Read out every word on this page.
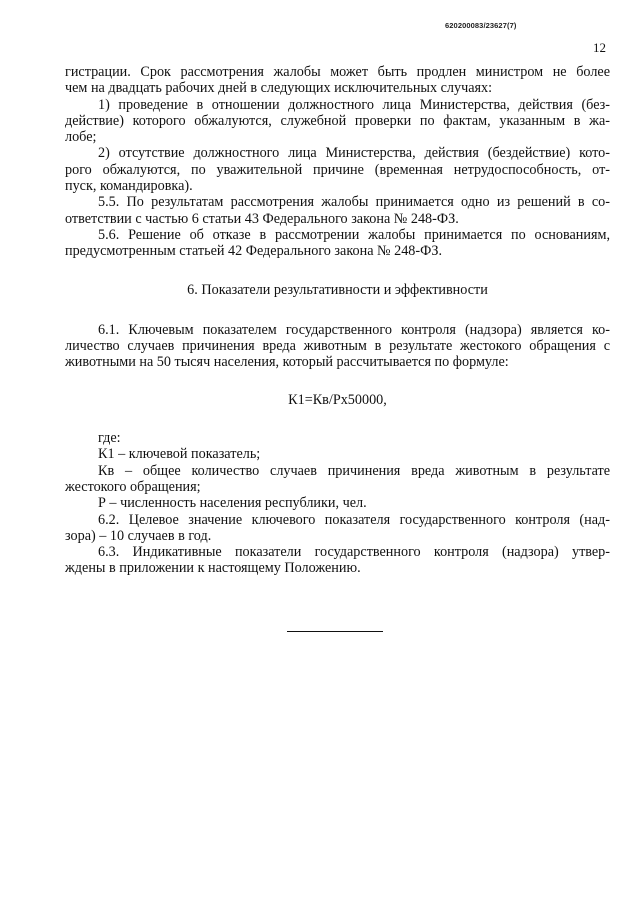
620200083/23627(7)
12

гистрации. Срок рассмотрения жалобы может быть продлен министром не более

чем на двадцать рабочих дней в следующих исключительных случаях:

1) проведение в отношении должностного лица Министерства, действия (без-

действие) которого обжалуются, служебной проверки по фактам, указанным в жа-

лобе;

2) отсутствие должностного лица Министерства, действия (бездействие) кото-

рого обжалуются, по уважительной причине (временная нетрудоспособность, от-

пуск, командировка).

5.5. По результатам рассмотрения жалобы принимается одно из решений в со-

ответствии с частью 6 статьи 43 Федерального закона № 248-ФЗ.

5.6. Решение об отказе в рассмотрении жалобы принимается по основаниям,

предусмотренным статьей 42 Федерального закона № 248-ФЗ.

6. Показатели результативности и эффективности

6.1. Ключевым показателем государственного контроля (надзора) является ко-

личество случаев причинения вреда животным в результате жестокого обращения с

животными на 50 тысяч населения, который рассчитывается по формуле:

К1=Кв/Рх50000,

где:

К1 – ключевой показатель;

Кв – общее количество случаев причинения вреда животным в результате

жестокого обращения;

Р – численность населения республики, чел.

6.2. Целевое значение ключевого показателя государственного контроля (над-

зора) – 10 случаев в год.

6.3. Индикативные показатели государственного контроля (надзора) утвер-

ждены в приложении к настоящему Положению.
